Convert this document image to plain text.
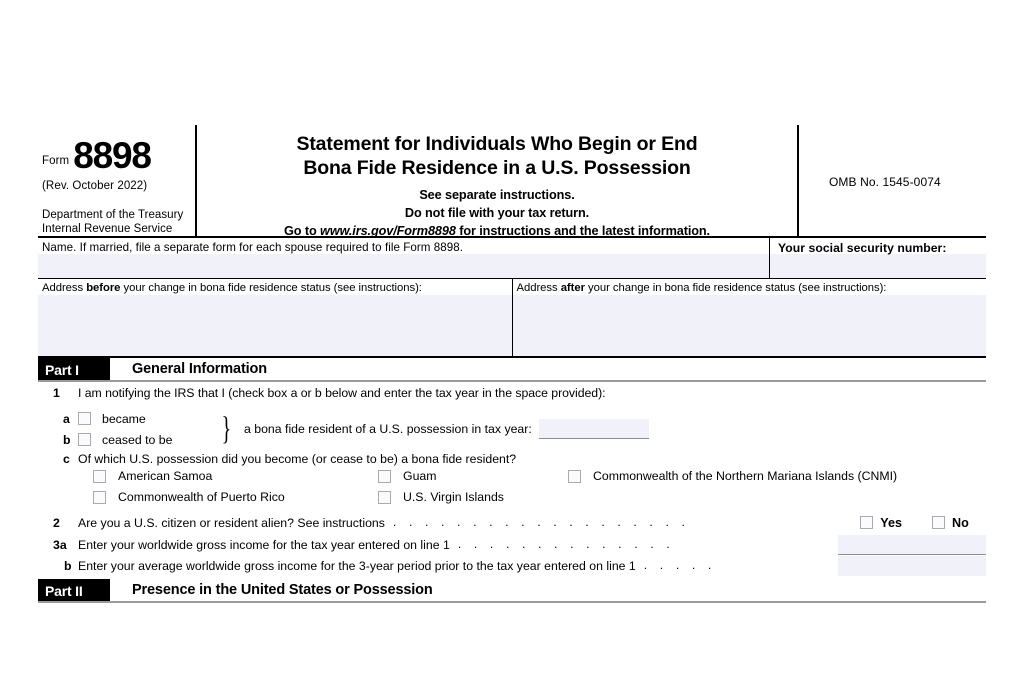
Form 8898
(Rev. October 2022)
Department of the Treasury
Internal Revenue Service
Statement for Individuals Who Begin or End
Bona Fide Residence in a U.S. Possession
See separate instructions.
Do not file with your tax return.
Go to www.irs.gov/Form8898 for instructions and the latest information.
OMB No. 1545-0074
Name. If married, file a separate form for each spouse required to file Form 8898.	Your social security number:
Address before your change in bona fide residence status (see instructions):	Address after your change in bona fide residence status (see instructions):
Part I	General Information
1	I am notifying the IRS that I (check box a or b below and enter the tax year in the space provided):
a	became
b	ceased to be } a bona fide resident of a U.S. possession in tax year:
c Of which U.S. possession did you become (or cease to be) a bona fide resident?
American Samoa	Guam	Commonwealth of the Northern Mariana Islands (CNMI)
Commonwealth of Puerto Rico	U.S. Virgin Islands
2	Are you a U.S. citizen or resident alien? See instructions . . . . . . . . . . . . . . . . . . .	Yes	No
3a Enter your worldwide gross income for the tax year entered on line 1 . . . . . . . . . . . . . .
b Enter your average worldwide gross income for the 3-year period prior to the tax year entered on line 1 . . . . .
Part II	Presence in the United States or Possession
